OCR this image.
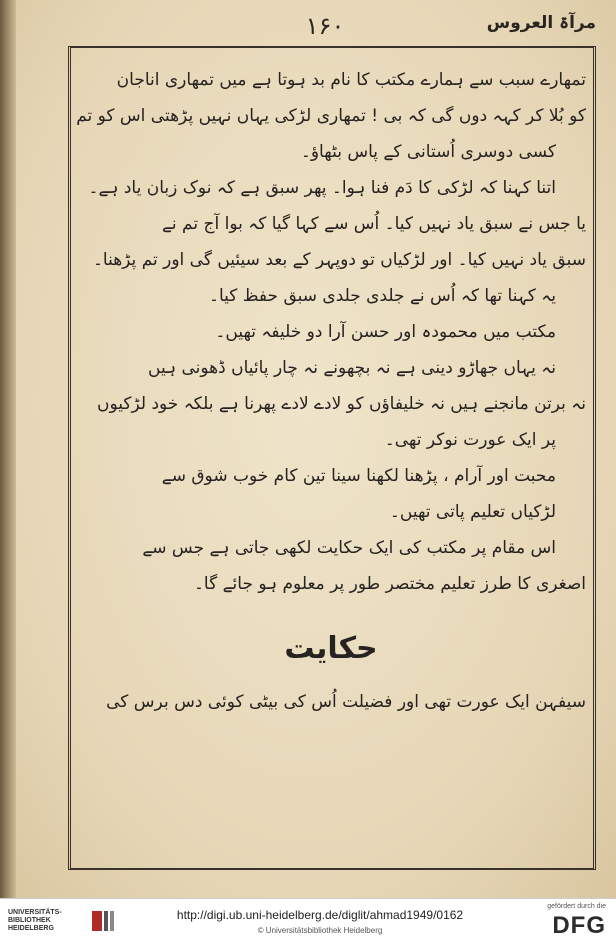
۱۶۰	مرآۃ العروس
تمھارے سبب سے ہمارے مکتب کا نام بد ہوتا ہے میں تمھاری اناجان
کو بُلا کر کہہ دوں گی کہ بی ! تمھاری لڑکی یہاں نہیں پڑھتی اس کو تم
کسی دوسری اُستانی کے پاس بٹھاؤ۔
اتنا کہنا کہ لڑکی کا دَم فنا ہوا۔ پھر سبق ہے کہ نوک زبان یاد ہے۔
یا جس نے سبق یاد نہیں کیا۔ اُس سے کہا گیا کہ بوا آج تم نے
سبق یاد نہیں کیا۔ اور لڑکیاں تو دوپہر کے بعد سیئیں گی اور تم پڑھنا۔
یہ کہنا تھا کہ اُس نے جلدی جلدی سبق حفظ کیا۔
مکتب میں محمودہ اور حسن آرا دو خلیفہ تھیں۔
نہ یہاں جھاڑو دینی ہے نہ بچھونے نہ چار پائیاں ڈھونی ہیں
نہ برتن مانجنے ہیں نہ خلیفاؤں کو لادے لادے پھرنا ہے بلکہ خود لڑکیوں
پر ایک عورت نوکر تھی۔
محبت اور آرام ، پڑھنا لکھنا سینا تین کام خوب شوق سے
لڑکیاں تعلیم پاتی تھیں۔
اس مقام پر مکتب کی ایک حکایت لکھی جاتی ہے جس سے
اصغری کا طرز تعلیم مختصر طور پر معلوم ہو جائے گا۔
حکایت
سیفہن ایک عورت تھی اور فضیلت اُس کی بیٹی کوئی دس برس کی
UNIVERSITÄTS-BIBLIOTHEK HEIDELBERG
http://digi.ub.uni-heidelberg.de/diglit/ahmad1949/0162
© Universitätsbibliothek Heidelberg
gefördert durch die
DFG
